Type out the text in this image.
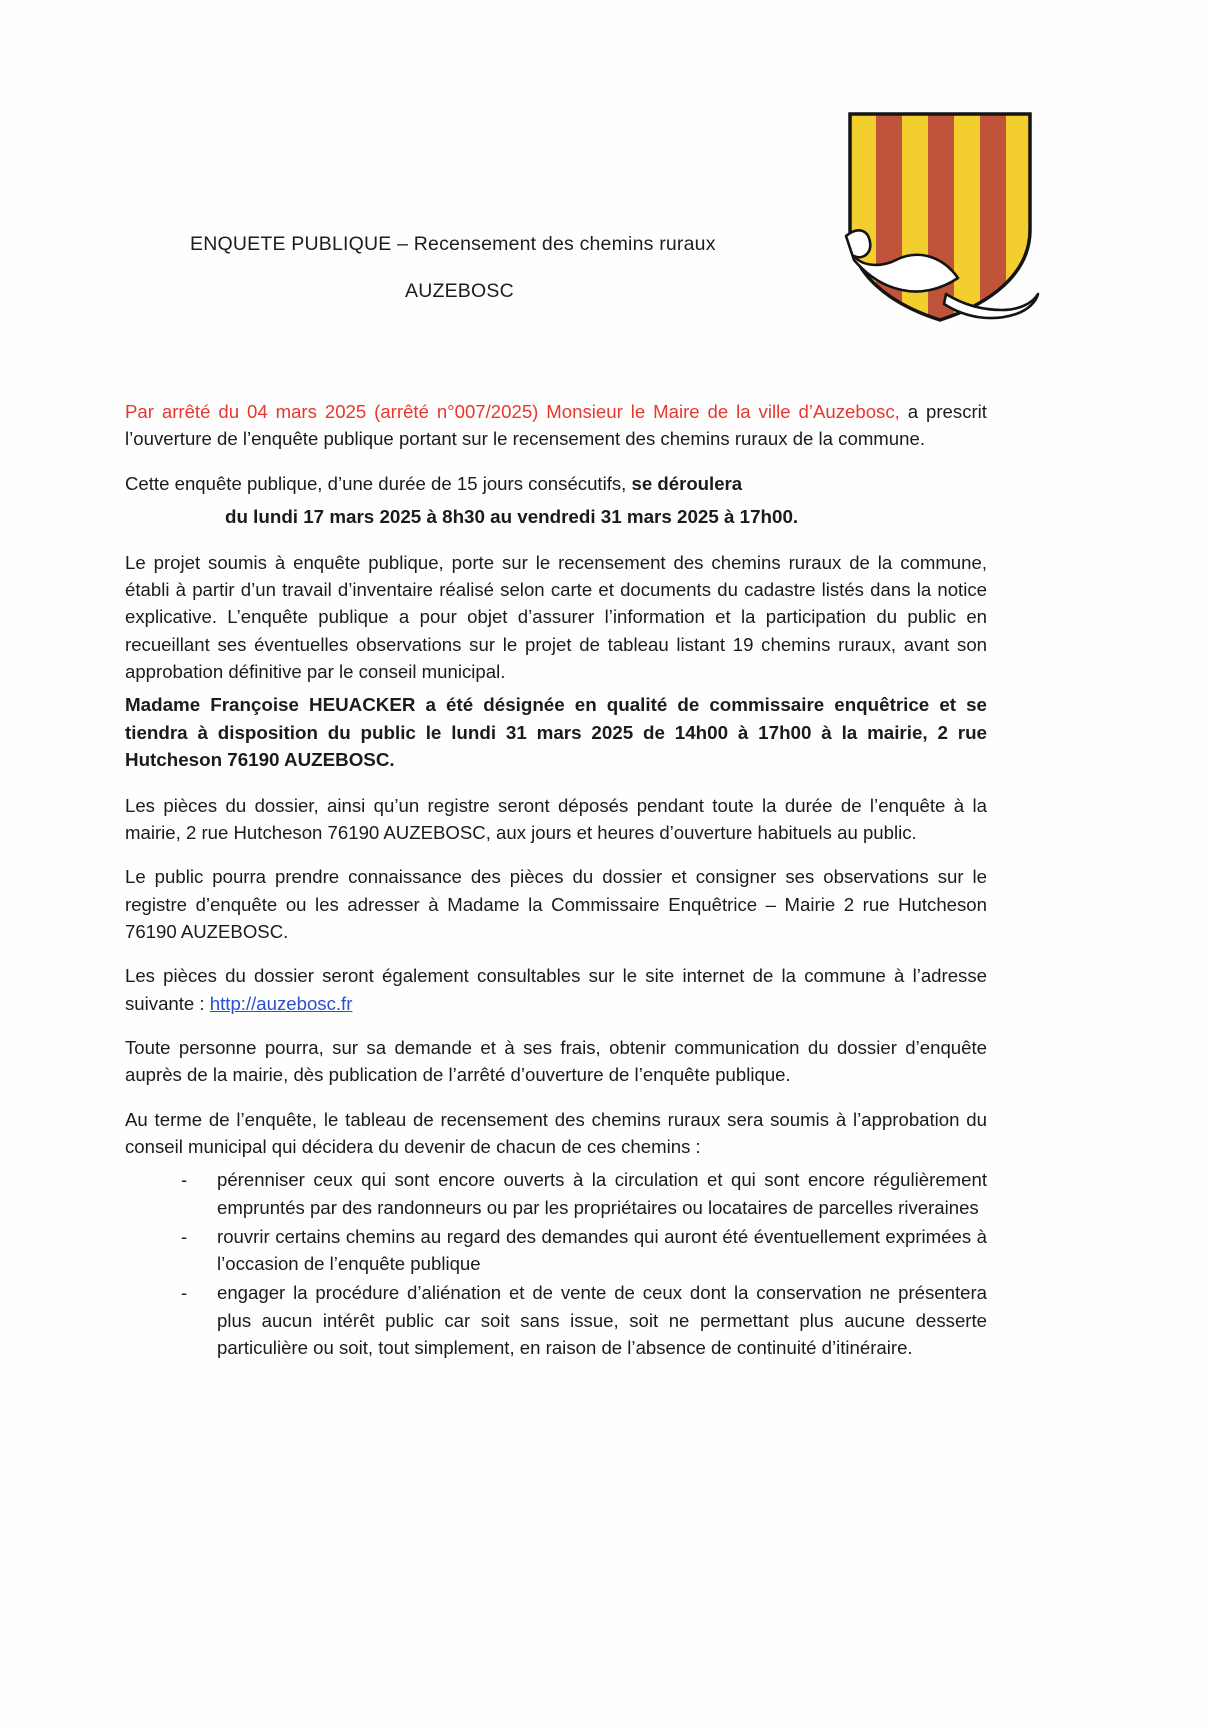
ENQUETE PUBLIQUE – Recensement des chemins ruraux
AUZEBOSC

Par arrêté du 04 mars 2025 (arrêté n°007/2025) Monsieur le Maire de la ville d’Auzebosc, a prescrit l’ouverture de l’enquête publique portant sur le recensement des chemins ruraux de la commune.

Cette enquête publique, d’une durée de 15 jours consécutifs, se déroulera

du lundi 17 mars 2025 à 8h30 au vendredi 31 mars 2025 à 17h00.

Le projet soumis à enquête publique, porte sur le recensement des chemins ruraux de la commune, établi à partir d’un travail d’inventaire réalisé selon carte et documents du cadastre listés dans la notice explicative. L’enquête publique a pour objet d’assurer l’information et la participation du public en recueillant ses éventuelles observations sur le projet de tableau listant 19 chemins ruraux, avant son approbation définitive par le conseil municipal.

Madame Françoise HEUACKER a été désignée en qualité de commissaire enquêtrice et se tiendra à disposition du public le lundi 31 mars 2025 de 14h00 à 17h00 à la mairie, 2 rue Hutcheson 76190 AUZEBOSC.

Les pièces du dossier, ainsi qu’un registre seront déposés pendant toute la durée de l’enquête à la mairie, 2 rue Hutcheson 76190 AUZEBOSC, aux jours et heures d’ouverture habituels au public.

Le public pourra prendre connaissance des pièces du dossier et consigner ses observations sur le registre d’enquête ou les adresser à Madame la Commissaire Enquêtrice – Mairie 2 rue Hutcheson 76190 AUZEBOSC.

Les pièces du dossier seront également consultables sur le site internet de la commune à l’adresse suivante : http://auzebosc.fr

Toute personne pourra, sur sa demande et à ses frais, obtenir communication du dossier d’enquête auprès de la mairie, dès publication de l’arrêté d’ouverture de l’enquête publique.

Au terme de l’enquête, le tableau de recensement des chemins ruraux sera soumis à l’approbation du conseil municipal qui décidera du devenir de chacun de ces chemins :

- pérenniser ceux qui sont encore ouverts à la circulation et qui sont encore régulièrement empruntés par des randonneurs ou par les propriétaires ou locataires de parcelles riveraines
- rouvrir certains chemins au regard des demandes qui auront été éventuellement exprimées à l’occasion de l’enquête publique
- engager la procédure d’aliénation et de vente de ceux dont la conservation ne présentera plus aucun intérêt public car soit sans issue, soit ne permettant plus aucune desserte particulière ou soit, tout simplement, en raison de l’absence de continuité d’itinéraire.
